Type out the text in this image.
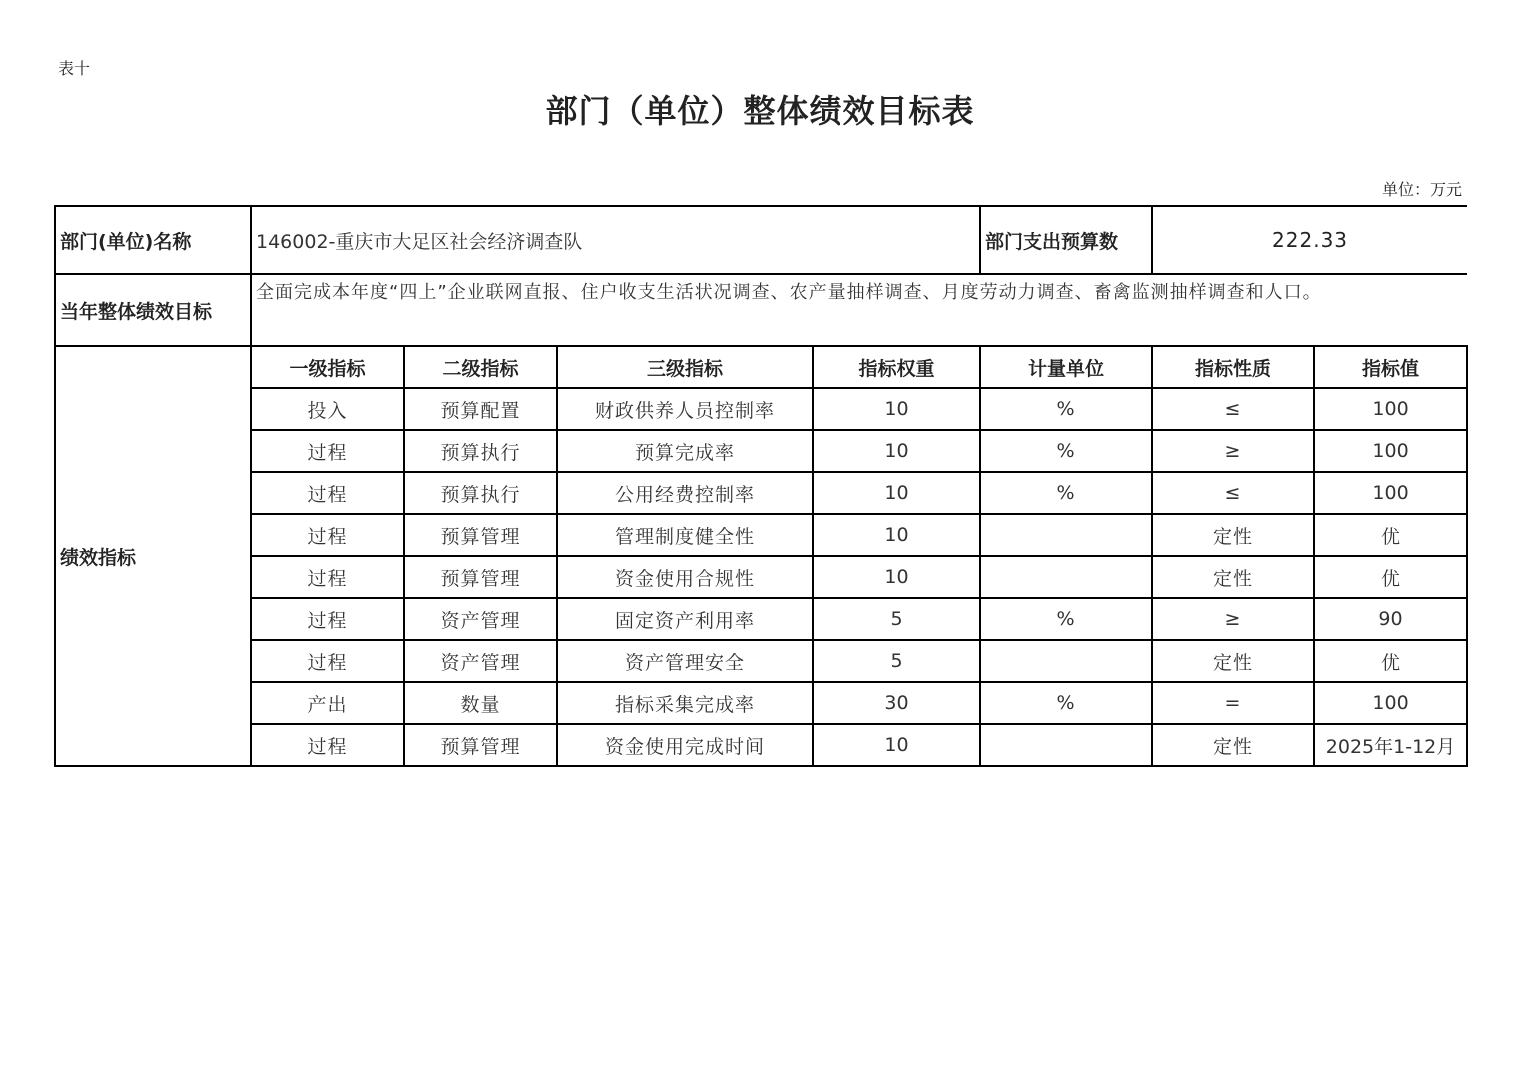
表十
部门（单位）整体绩效目标表
单位：万元
部门(单位)名称	146002-重庆市大足区社会经济调查队				部门支出预算数	222.33	
当年整体绩效目标	全面完成本年度“四上”企业联网直报、住户收支生活状况调查、农产量抽样调查、月度劳动力调查、畜禽监测抽样调查和人口。						
绩效指标	一级指标	二级指标	三级指标	指标权重	计量单位	指标性质	指标值
	投入	预算配置	财政供养人员控制率	10	%	≤	100
	过程	预算执行	预算完成率	10	%	≥	100
	过程	预算执行	公用经费控制率	10	%	≤	100
	过程	预算管理	管理制度健全性	10		定性	优
	过程	预算管理	资金使用合规性	10		定性	优
	过程	资产管理	固定资产利用率	5	%	≥	90
	过程	资产管理	资产管理安全	5		定性	优
	产出	数量	指标采集完成率	30	%	=	100
	过程	预算管理	资金使用完成时间	10		定性	2025年1-12月
